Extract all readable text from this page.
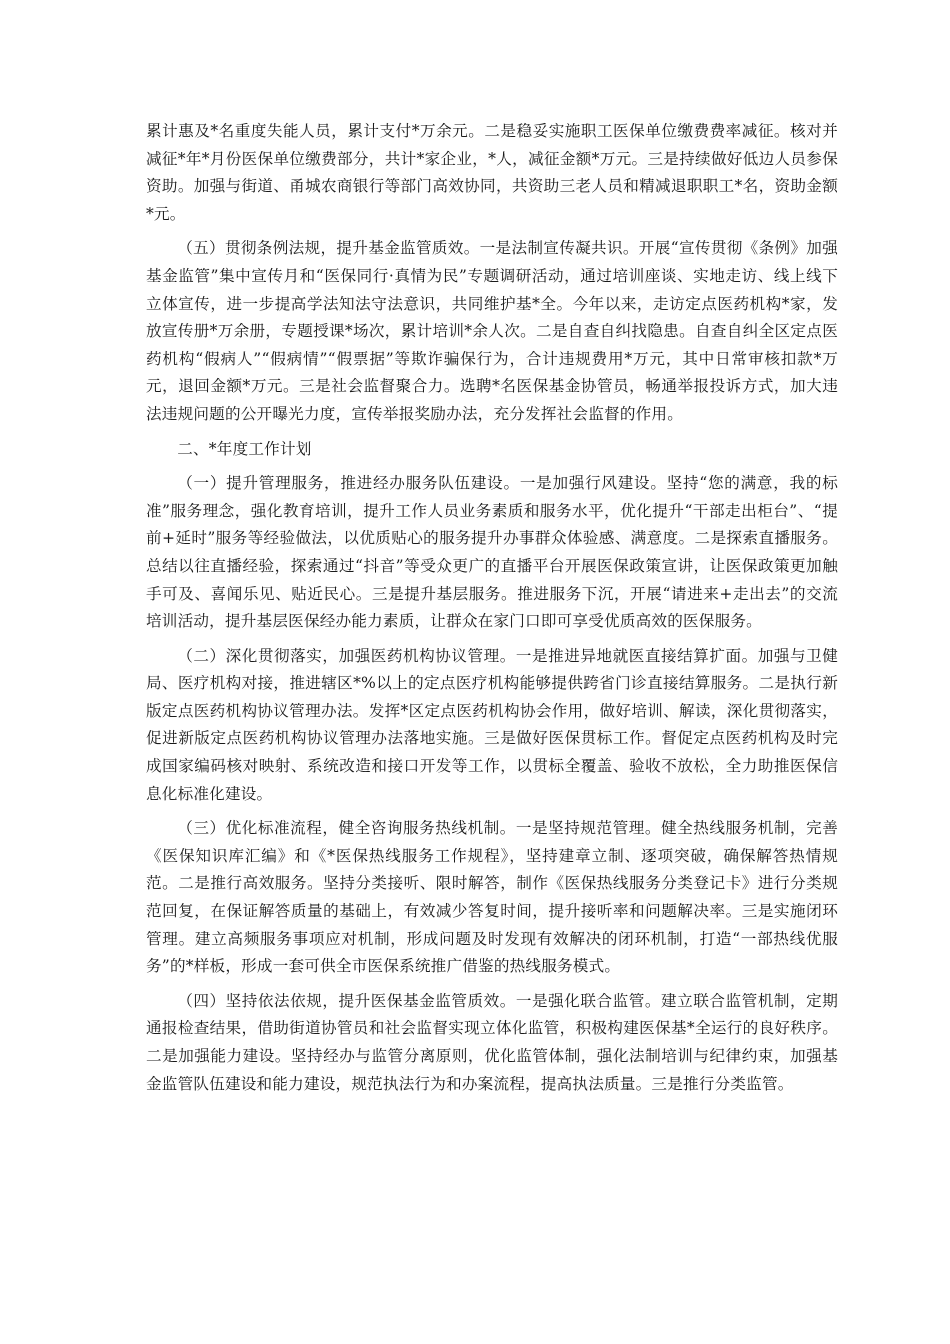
累计惠及*名重度失能人员，累计支付*万余元。二是稳妥实施职工医保单位缴费费率减征。核对并减征*年*月份医保单位缴费部分，共计*家企业，*人，减征金额*万元。三是持续做好低边人员参保资助。加强与街道、甬城农商银行等部门高效协同，共资助三老人员和精减退职职工*名，资助金额*元。

（五）贯彻条例法规，提升基金监管质效。一是法制宣传凝共识。开展“宣传贯彻《条例》加强基金监管”集中宣传月和“医保同行·真情为民”专题调研活动，通过培训座谈、实地走访、线上线下立体宣传，进一步提高学法知法守法意识，共同维护基*全。今年以来，走访定点医药机构*家，发放宣传册*万余册，专题授课*场次，累计培训*余人次。二是自查自纠找隐患。自查自纠全区定点医药机构“假病人”“假病情”“假票据”等欺诈骗保行为，合计违规费用*万元，其中日常审核扣款*万元，退回金额*万元。三是社会监督聚合力。选聘*名医保基金协管员，畅通举报投诉方式，加大违法违规问题的公开曝光力度，宣传举报奖励办法，充分发挥社会监督的作用。

二、*年度工作计划

（一）提升管理服务，推进经办服务队伍建设。一是加强行风建设。坚持“您的满意，我的标准”服务理念，强化教育培训，提升工作人员业务素质和服务水平，优化提升“干部走出柜台”、“提前+延时”服务等经验做法，以优质贴心的服务提升办事群众体验感、满意度。二是探索直播服务。总结以往直播经验，探索通过“抖音”等受众更广的直播平台开展医保政策宣讲，让医保政策更加触手可及、喜闻乐见、贴近民心。三是提升基层服务。推进服务下沉，开展“请进来+走出去”的交流培训活动，提升基层医保经办能力素质，让群众在家门口即可享受优质高效的医保服务。

（二）深化贯彻落实，加强医药机构协议管理。一是推进异地就医直接结算扩面。加强与卫健局、医疗机构对接，推进辖区*%以上的定点医疗机构能够提供跨省门诊直接结算服务。二是执行新版定点医药机构协议管理办法。发挥*区定点医药机构协会作用，做好培训、解读，深化贯彻落实，促进新版定点医药机构协议管理办法落地实施。三是做好医保贯标工作。督促定点医药机构及时完成国家编码核对映射、系统改造和接口开发等工作，以贯标全覆盖、验收不放松，全力助推医保信息化标准化建设。

（三）优化标准流程，健全咨询服务热线机制。一是坚持规范管理。健全热线服务机制，完善《医保知识库汇编》和《*医保热线服务工作规程》，坚持建章立制、逐项突破，确保解答热情规范。二是推行高效服务。坚持分类接听、限时解答，制作《医保热线服务分类登记卡》进行分类规范回复，在保证解答质量的基础上，有效减少答复时间，提升接听率和问题解决率。三是实施闭环管理。建立高频服务事项应对机制，形成问题及时发现有效解决的闭环机制，打造“一部热线优服务”的*样板，形成一套可供全市医保系统推广借鉴的热线服务模式。

（四）坚持依法依规，提升医保基金监管质效。一是强化联合监管。建立联合监管机制，定期通报检查结果，借助街道协管员和社会监督实现立体化监管，积极构建医保基*全运行的良好秩序。二是加强能力建设。坚持经办与监管分离原则，优化监管体制，强化法制培训与纪律约束，加强基金监管队伍建设和能力建设，规范执法行为和办案流程，提高执法质量。三是推行分类监管。
